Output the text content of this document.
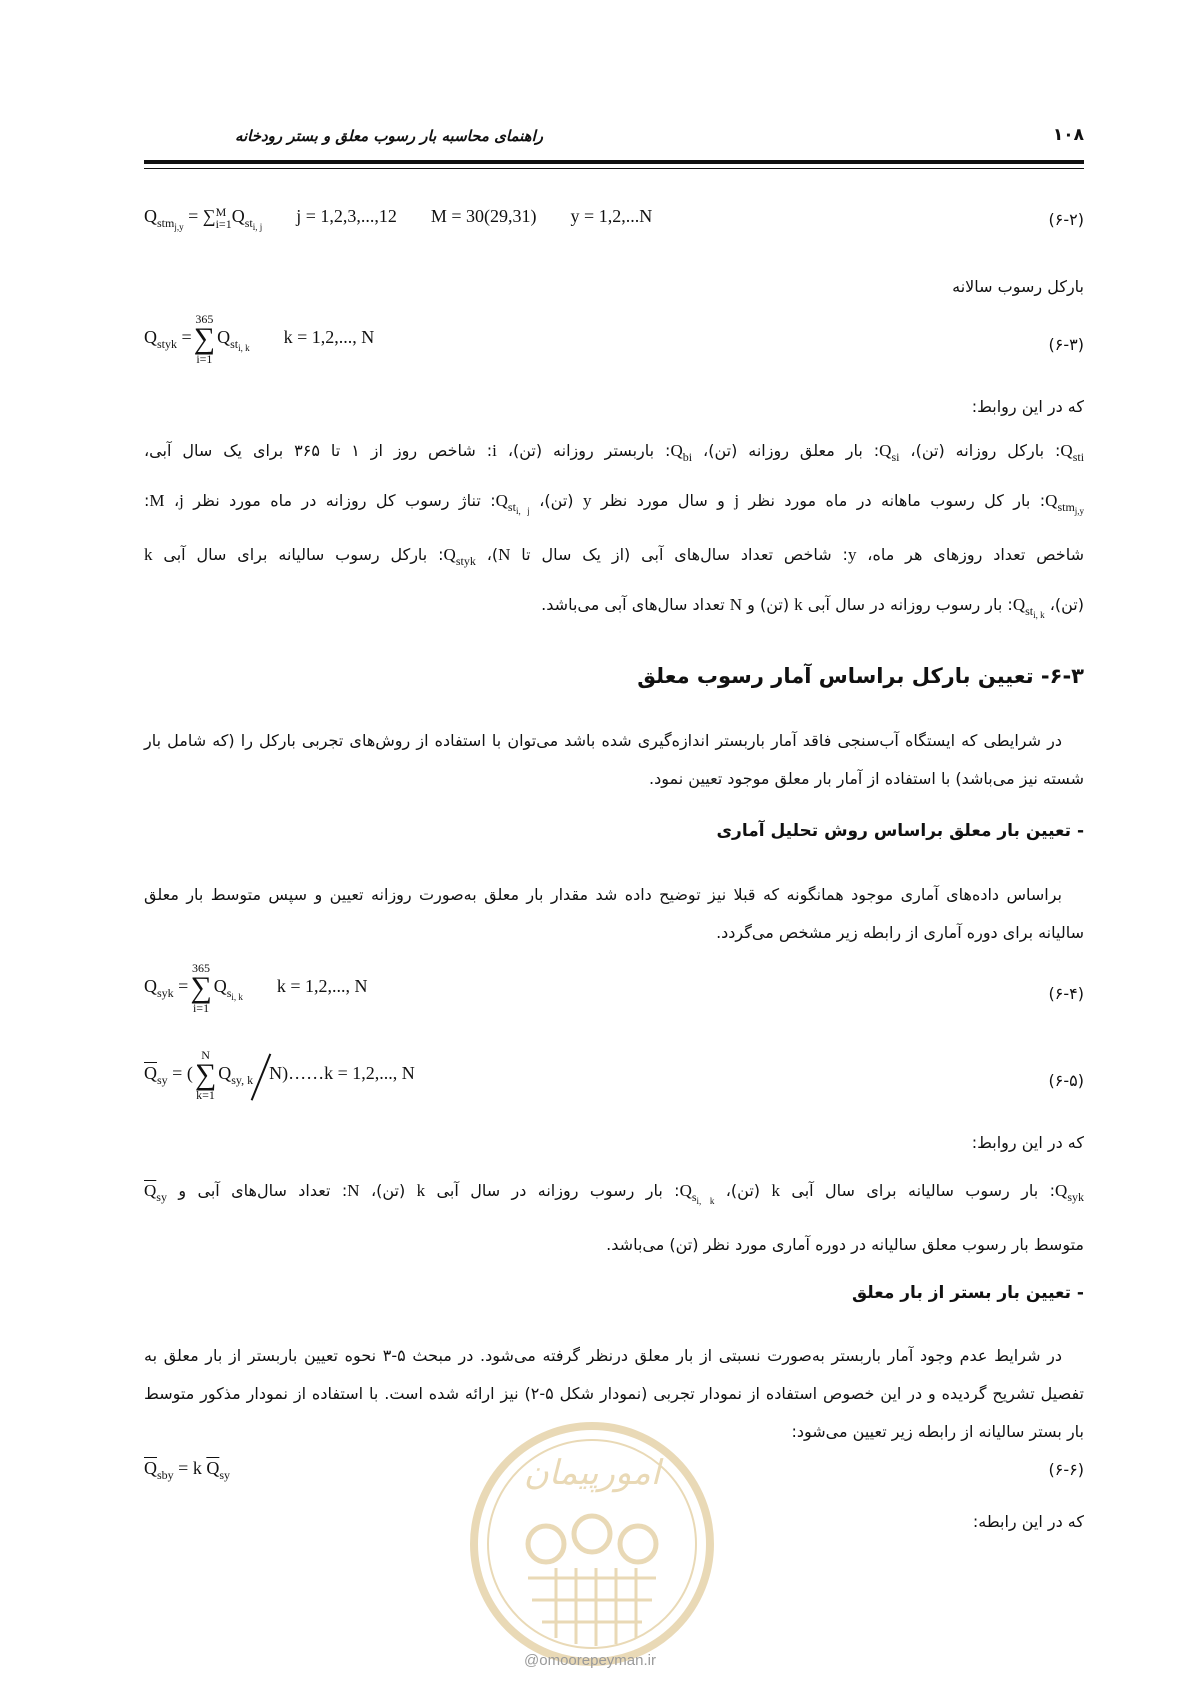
راهنمای محاسبه بار رسوب معلق و بستر رودخانه	۱۰۸
$Q_{stm_{j,y}}$ = ∑ M
i=1 $Q_{st_{i, j}}j = 1,2,3,...,12$ M = 30(29,31) y = 1,2,...N	(۶-۲)
بارکل رسوب سالانه
$Q_{styk}$ =
365
∑
i=1
$Q_{st_{i, k}}k = 1,2$,..., N	(۶-۳)
که در این روابط:
$Q_{sti}$: بارکل روزانه (تن)، $Q_{si}$: بار معلق روزانه (تن)، $Q_{bi}$: باربستر روزانه (تن)، i: شاخص روز از ۱ تا ۳۶۵ برای یک سال آبی،
$Q_{stm_{j,y}}$: بار کل رسوب ماهانه در ماه مورد نظر j و سال مورد نظر y (تن)، $Q_{st_{i, j}}$: تناژ رسوب کل روزانه در ماه مورد نظر j، M:
شاخص تعداد روزهای هر ماه، y: شاخص تعداد سال‌های آبی (از یک سال تا N)، $Q_{styk}$: بارکل رسوب سالیانه برای سال آبی k
(تن)، $Q_{st_{i, k}}$: بار رسوب روزانه در سال آبی k (تن) و N تعداد سال‌های آبی می‌باشد.
۶-۳- تعیین بارکل براساس آمار رسوب معلق
در شرایطی که ایستگاه آب‌سنجی فاقد آمار باربستر اندازه‌گیری شده باشد می‌توان با استفاده از روش‌های تجربی بارکل را (که شامل بار شسته نیز می‌باشد) با استفاده از آمار بار معلق موجود تعیین نمود.
- تعیین بار معلق براساس روش تحلیل آماری
براساس داده‌های آماری موجود همانگونه که قبلا نیز توضیح داده شد مقدار بار معلق به‌صورت روزانه تعیین و سپس متوسط بار معلق سالیانه برای دوره آماری از رابطه زیر مشخص می‌گردد.
$Q_{syk}$ =
365
∑
i=1
$Q_{s_{i, k}}k = 1,2$,..., N	(۶-۴)
$\overline{Q}_{sy}$ = (
N
∑
k=1
$Q_{sy, k}$ N)……k = 1,2,..., N	(۶-۵)
که در این روابط:
$Q_{syk}$: بار رسوب سالیانه برای سال آبی k (تن)، $Q_{s_{i, k}}$: بار رسوب روزانه در سال آبی k (تن)، N: تعداد سال‌های آبی و $\overline{Q}_{sy}$
متوسط بار رسوب معلق سالیانه در دوره آماری مورد نظر (تن) می‌باشد.
- تعیین بار بستر از بار معلق
در شرایط عدم وجود آمار باربستر به‌صورت نسبتی از بار معلق درنظر گرفته می‌شود. در مبحث ۵-۳ نحوه تعیین باربستر از بار معلق به تفصیل تشریح گردیده و در این خصوص استفاده از نمودار تجربی (نمودار شکل ۵-۲) نیز ارائه شده است. با استفاده از نمودار مذکور متوسط بار بستر سالیانه از رابطه زیر تعیین می‌شود:
$\overline{Q}_{sby} = k$ $\overline{Q}_{sy}$	(۶-۶)
که در این رابطه:
امورپیمان
@omoorepeyman.ir
